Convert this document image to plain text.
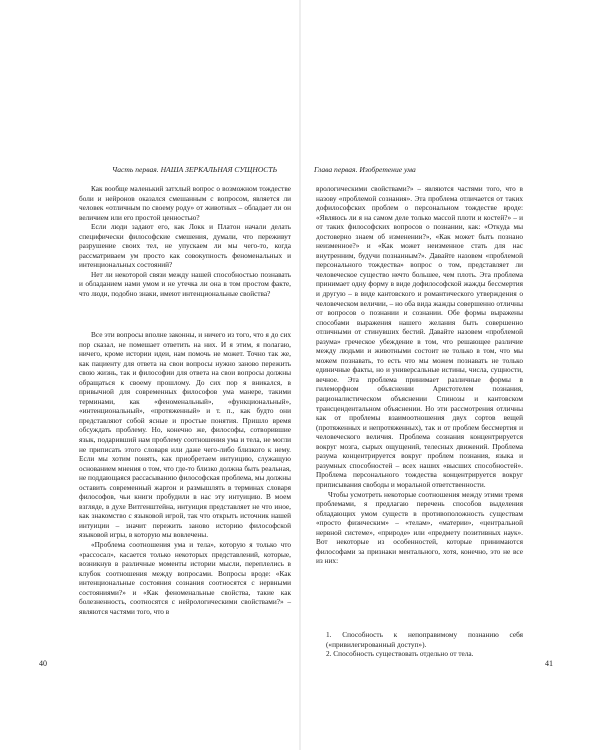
Часть первая. НАША ЗЕРКАЛЬНАЯ СУЩНОСТЬ

Как вообще маленький затхлый вопрос о возможном тождестве боли и нейронов оказался смешанным с вопросом, является ли человек «отличным по своему роду» от животных – обладает ли он величием или его простой ценностью?

Если люди задают его, как Локк и Платон начали делать специфически философские смешения, думали, что переживут разрушение своих тел, не упускаем ли мы чего-то, когда рассматриваем ум просто как совокупность феноменальных и интенциональных состояний?

Нет ли некоторой связи между нашей способностью познавать и обладанием нами умом и не утечка ли она в том простом факте, что люди, подобно знаки, имеют интенциональные свойства?

Все эти вопросы вполне законны, и ничего из того, что я до сих пор сказал, не помешает ответить на них. И я этим, я полагаю, ничего, кроме истории идеи, нам помочь не может. Точно так же, как пациенту для ответа на свои вопросы нужно заново пережить свою жизнь, так и философии для ответа на свои вопросы должны обращаться к своему прошлому. До сих пор я вникался, в привычной для современных философов ума манере, такими терминами, как «феноменальный», «функциональный», «интенциональный», «протяженный» и т. п., как будто они представляют собой ясные и простые понятия. Пришло время обсуждать проблему. Но, конечно же, философы, сотворившие язык, подаривший нам проблему соотношения ума и тела, не могли не приписать этого словаря или даже чего-либо близкого к нему. Если мы хотим понять, как приобретаем интуицию, служащую основанием мнения о том, что где-то близко должна быть реальная, не поддающаяся рассасыванию философская проблема, мы должны оставить современный жаргон и размышлять в терминах словаря философов, чьи книги пробудили в нас эту интуицию. В моем взгляде, в духе Витгенштейна, интуиция представляет не что иное, как знакомство с языковой игрой, так что открыть источник нашей интуиции – значит пережить заново историю философской языковой игры, в которую мы вовлечены.

«Проблема соотношения ума и тела», которую я только что «рассосал», касается только некоторых представлений, которые, возникнув в различные моменты истории мысли, переплелись в клубок соотношения между вопросами. Вопросы вроде: «Как интенциональные состояния сознания соотносятся с нервными состояниями?» и «Как феноменальные свойства, такие как болезненность, соотносятся с нейрологическими свойствами?» – являются частями того, что в

40
Глава первая. Изобретение ума

врологическими свойствами?» – являются частями того, что в назову «проблемой сознания». Эта проблема отличается от таких дофилософских проблем о персональном тождестве вроде: «Являюсь ли я на самом деле только массой плоти и костей?» – и от таких философских вопросов о познании, как: «Откуда мы достоверно знаем об изменении?», «Как может быть познано неизменное?» и «Как может неизменное стать для нас внутренним, будучи познанным?». Давайте назовем «проблемой персонального тождества» вопрос о том, представляет ли человеческое существо нечто большее, чем плоть. Эта проблема принимает одну форму в виде дофилософской жажды бессмертия и другую – в виде кантовского и романтического утверждения о человеческом величии, – но оба вида жажды совершенно отличны от вопросов о познании и сознании. Обе формы выражены способами выражения нашего желания быть совершенно отличными от стинувших бестий. Давайте назовем «проблемой разума» греческое убеждение в том, что решающее различие между людьми и животными состоит не только в том, что мы можем познавать, то есть что мы можем познавать не только единичные факты, но и универсальные истины, числа, сущности, вечное. Эта проблема принимает различные формы в гилеморфном объяснении Аристотелем познания, рационалистическом объяснении Спинозы и кантовском трансцендентальном объяснении. Но эти рассмотрения отличны как от проблемы взаимоотношения двух сортов вещей (протяженных и непротяженных), так и от проблем бессмертия и человеческого величия. Проблема сознания концентрируется вокруг мозга, сырых ощущений, телесных движений. Проблема разума концентрируется вокруг проблем познания, языка и разумных способностей – всех наших «высших способностей». Проблема персонального тождества концентрируется вокруг приписывания свободы и моральной ответственности.

Чтобы усмотреть некоторые соотношения между этими тремя проблемами, я предлагаю перечень способов выделения обладающих умом существ в противоположность существам «просто физическим» – «телам», «материи», «центральной нервной системе», «природе» или «предмету позитивных наук». Вот некоторые из особенностей, которые принимаются философами за признаки ментального, хотя, конечно, это не все из них:

1. Способность к непоправимому познанию себя («привилегированный доступ»).

2. Способность существовать отдельно от тела.

41
